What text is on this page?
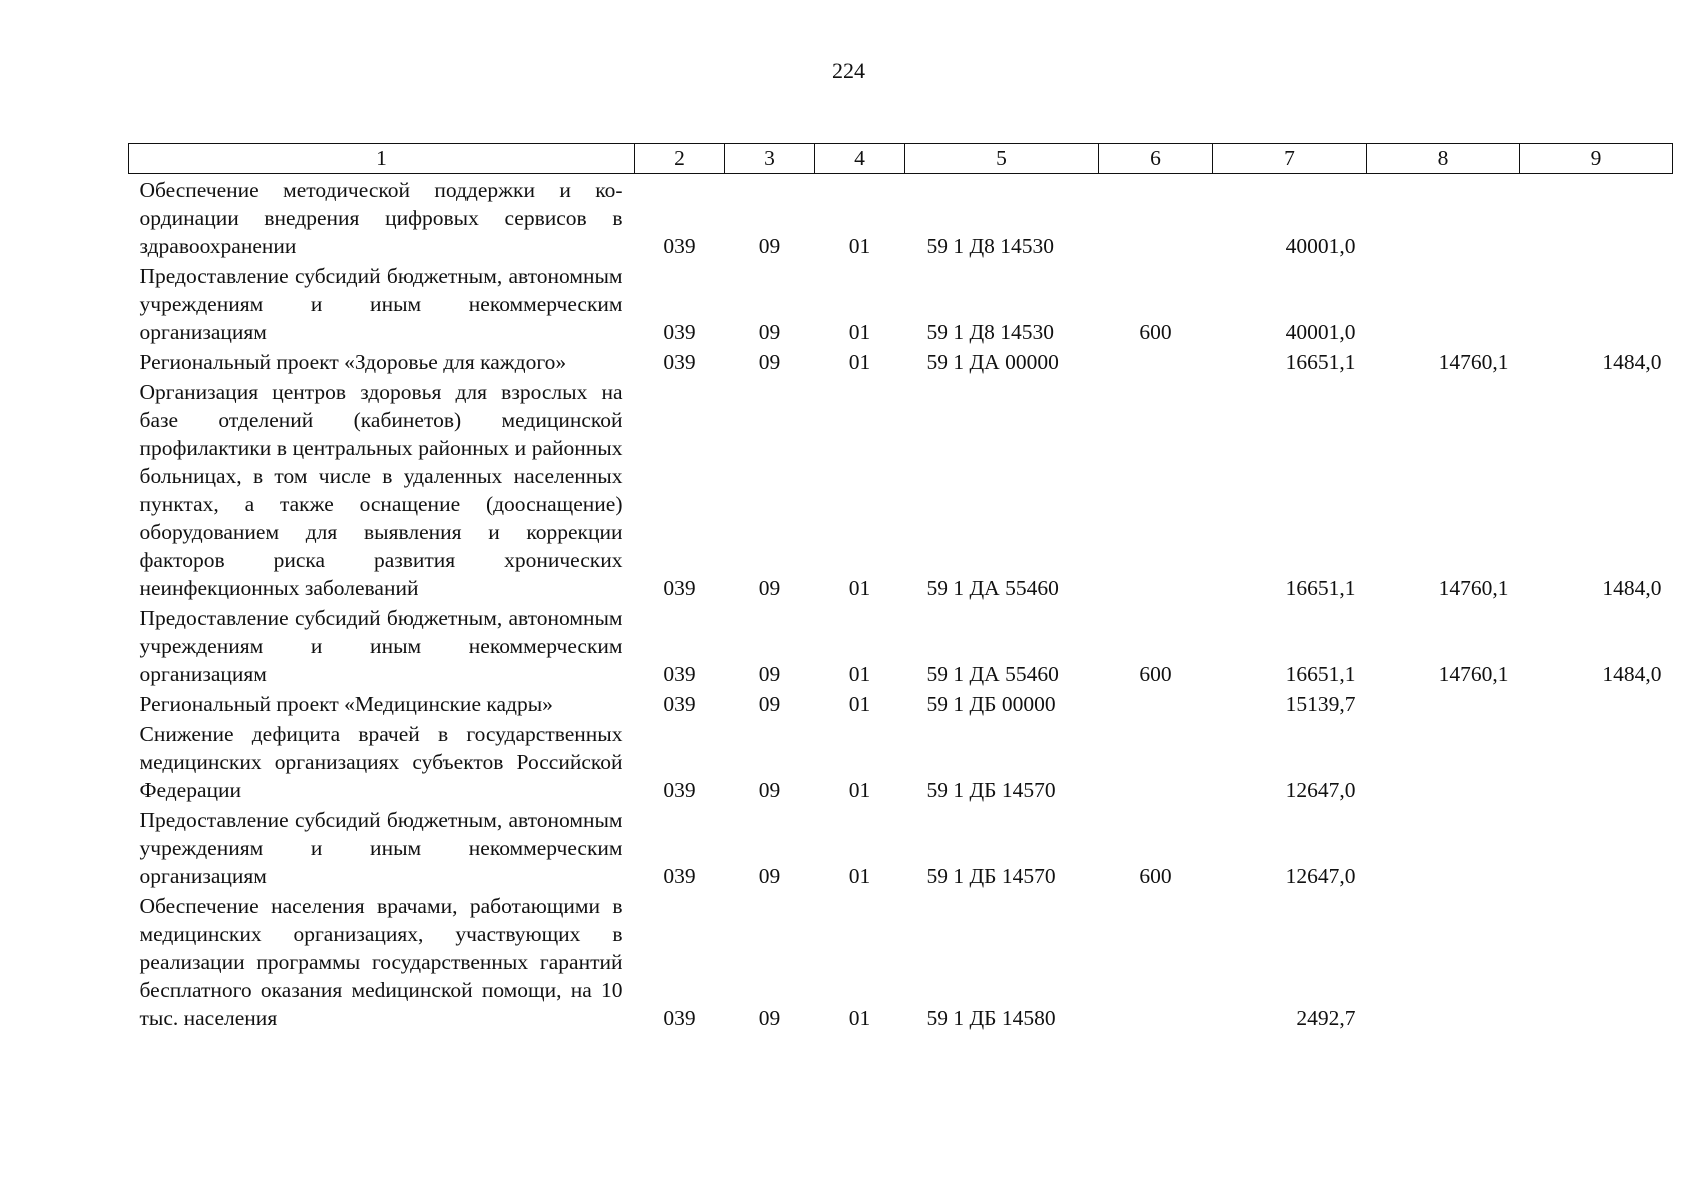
224
1	2	3	4	5	6	7	8	9
Обеспечение методической поддержки и координации внедрения цифровых сервисов в здравоохранении	039	09	01	59 1 Д8 14530		40001,0		
Предоставление субсидий бюджетным, автономным учреждениям и иным некоммерческим организациям	039	09	01	59 1 Д8 14530	600	40001,0		
Региональный проект «Здоровье для каждого»	039	09	01	59 1 ДА 00000		16651,1	14760,1	1484,0
Организация центров здоровья для взрослых на базе отделений (кабинетов) медицинской профилактики в центральных районных и районных больницах, в том числе в удаленных населенных пунктах, а также оснащение (дооснащение) оборудованием для выявления и коррекции факторов риска развития хронических неинфекционных заболеваний	039	09	01	59 1 ДА 55460		16651,1	14760,1	1484,0
Предоставление субсидий бюджетным, автономным учреждениям и иным некоммерческим организациям	039	09	01	59 1 ДА 55460	600	16651,1	14760,1	1484,0
Региональный проект «Медицинские кадры»	039	09	01	59 1 ДБ 00000		15139,7		
Снижение дефицита врачей в государственных медицинских организациях субъектов Российской Федерации	039	09	01	59 1 ДБ 14570		12647,0		
Предоставление субсидий бюджетным, автономным учреждениям и иным некоммерческим организациям	039	09	01	59 1 ДБ 14570	600	12647,0		
Обеспечение населения врачами, работающими в медицинских организациях, участвующих в реализации программы государственных гарантий бесплатного оказания меdицинской помощи, на 10 тыс. населения	039	09	01	59 1 ДБ 14580		2492,7		
